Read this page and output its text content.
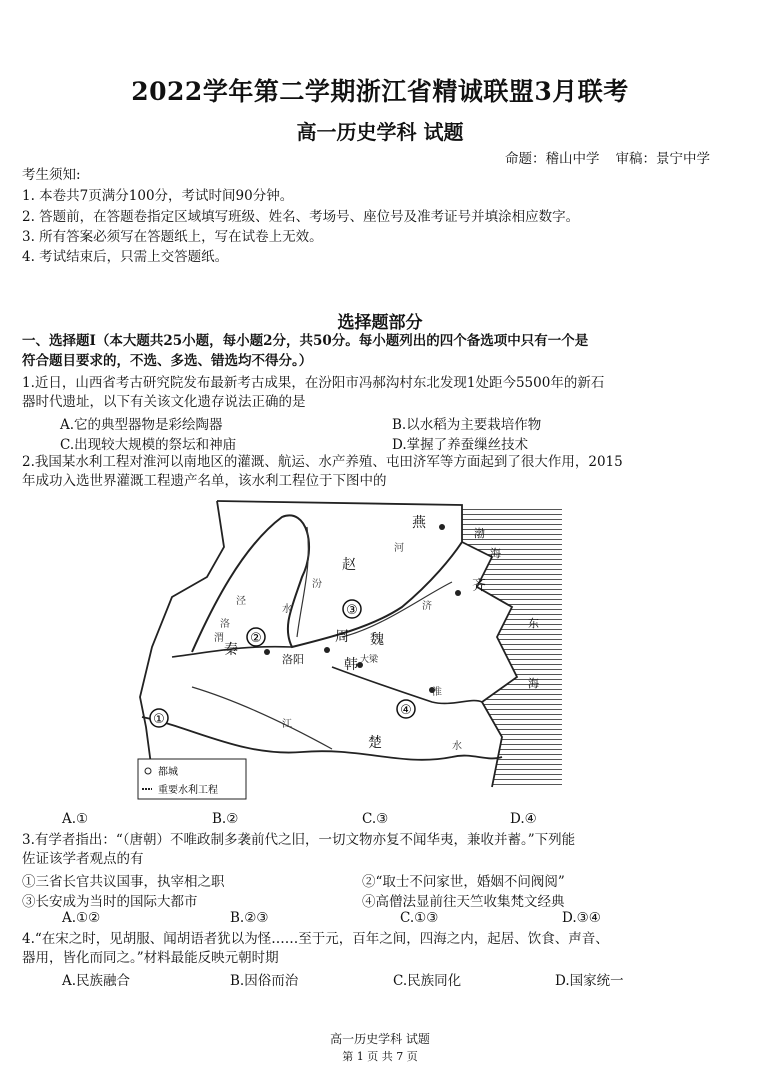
2022学年第二学期浙江省精诚联盟3月联考
高一历史学科 试题
命题：稽山中学 审稿：景宁中学
考生须知:
1. 本卷共7页满分100分，考试时间90分钟。
2. 答题前，在答题卷指定区域填写班级、姓名、考场号、座位号及准考证号并填涂相应数字。
3. 所有答案必须写在答题纸上，写在试卷上无效。
4. 考试结束后，只需上交答题纸。
选择题部分
一、选择题Ⅰ（本大题共25小题，每小题2分，共50分。每小题列出的四个备选项中只有一个是
符合题目要求的，不选、多选、错选均不得分。）
1.近日，山西省考古研究院发布最新考古成果，在汾阳市冯郝沟村东北发现1处距今5500年的新石
器时代遗址，以下有关该文化遗存说法正确的是
A.它的典型器物是彩绘陶器	B.以水稻为主要栽培作物
C.出现较大规模的祭坛和神庙	D.掌握了养蚕缫丝技术
2.我国某水利工程对淮河以南地区的灌溉、航运、水产养殖、屯田济军等方面起到了很大作用，2015
年成功入选世界灌溉工程遗产名单，该水利工程位于下图中的
①
②
③
④
燕
赵
齐
秦
周 魏
韩
楚
渤
海
东
海
洛阳	大梁
河
水
渭
泾
洛
淮
江
水
汾
济
都城
重要水利工程
A.①	B.②	C.③	D.④
3.有学者指出：“（唐朝）不唯政制多袭前代之旧，一切文物亦复不闻华夷，兼收并蓄。”下列能
佐证该学者观点的有
①三省长官共议国事，执宰相之职	②“取士不问家世，婚姻不问阀阅”
③长安成为当时的国际大都市	④高僧法显前往天竺收集梵文经典
A.①②	B.②③	C.①③	D.③④
4.“在宋之时，见胡服、闻胡语者犹以为怪……至于元，百年之间，四海之内，起居、饮食、声音、
器用，皆化而同之。”材料最能反映元朝时期
A.民族融合	B.因俗而治	C.民族同化	D.国家统一
高一历史学科 试题
第 1 页 共 7 页
